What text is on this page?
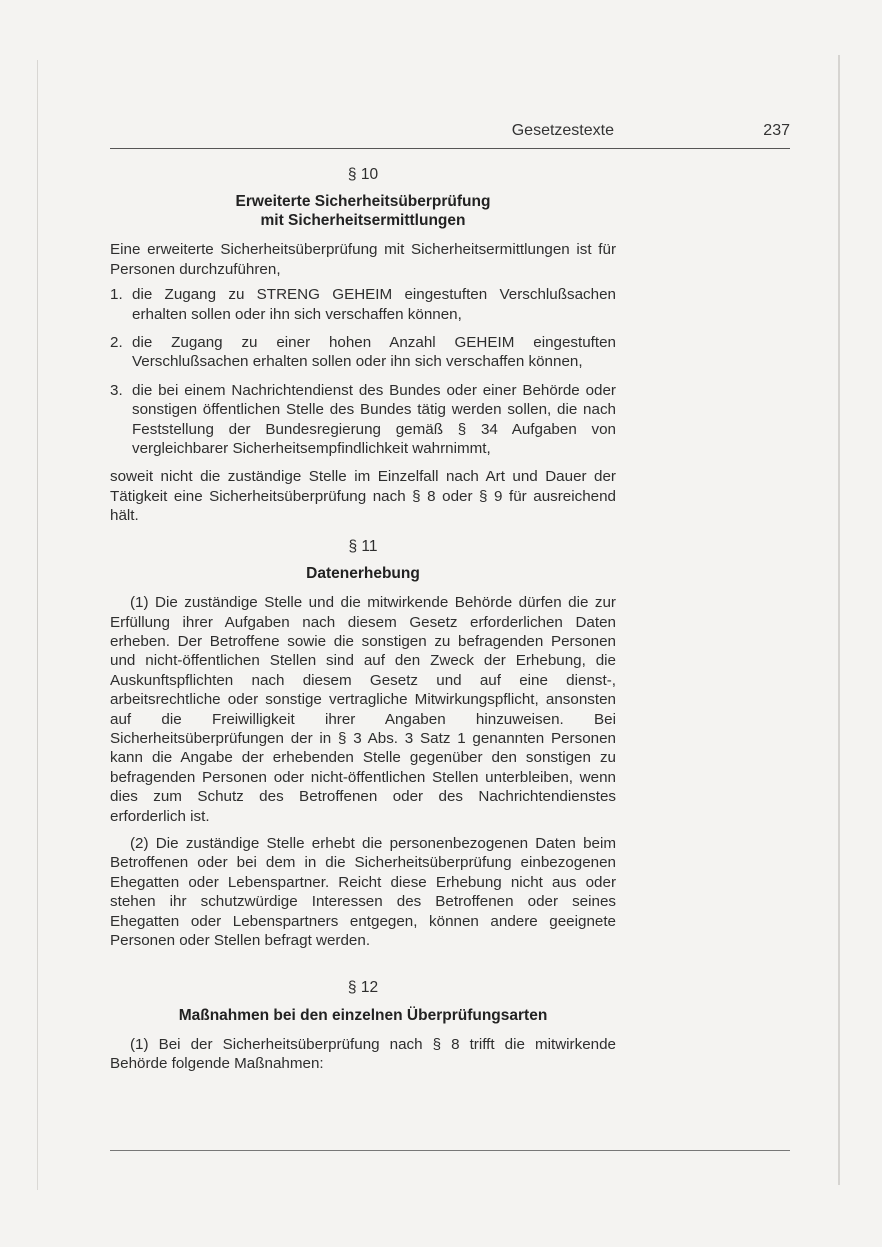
Gesetzestexte	237
§ 10
Erweiterte Sicherheitsüberprüfung
mit Sicherheitsermittlungen

Eine erweiterte Sicherheitsüberprüfung mit Sicherheitsermittlungen ist für Personen durchzuführen,

1. die Zugang zu STRENG GEHEIM eingestuften Verschlußsachen erhalten sollen oder ihn sich verschaffen können,
2. die Zugang zu einer hohen Anzahl GEHEIM eingestuften Verschlußsachen erhalten sollen oder ihn sich verschaffen können,
3. die bei einem Nachrichtendienst des Bundes oder einer Behörde oder sonstigen öffentlichen Stelle des Bundes tätig werden sollen, die nach Feststellung der Bundesregierung gemäß § 34 Aufgaben von vergleichbarer Sicherheitsempfindlichkeit wahrnimmt,

soweit nicht die zuständige Stelle im Einzelfall nach Art und Dauer der Tätigkeit eine Sicherheitsüberprüfung nach § 8 oder § 9 für ausreichend hält.

§ 11
Datenerhebung

(1) Die zuständige Stelle und die mitwirkende Behörde dürfen die zur Erfüllung ihrer Aufgaben nach diesem Gesetz erforderlichen Daten erheben. Der Betroffene sowie die sonstigen zu befragenden Personen und nicht-öffentlichen Stellen sind auf den Zweck der Erhebung, die Auskunftspflichten nach diesem Gesetz und auf eine dienst-, arbeitsrechtliche oder sonstige vertragliche Mitwirkungspflicht, ansonsten auf die Freiwilligkeit ihrer Angaben hinzuweisen. Bei Sicherheitsüberprüfungen der in § 3 Abs. 3 Satz 1 genannten Personen kann die Angabe der erhebenden Stelle gegenüber den sonstigen zu befragenden Personen oder nicht-öffentlichen Stellen unterbleiben, wenn dies zum Schutz des Betroffenen oder des Nachrichtendienstes erforderlich ist.

(2) Die zuständige Stelle erhebt die personenbezogenen Daten beim Betroffenen oder bei dem in die Sicherheitsüberprüfung einbezogenen Ehegatten oder Lebenspartner. Reicht diese Erhebung nicht aus oder stehen ihr schutzwürdige Interessen des Betroffenen oder seines Ehegatten oder Lebenspartners entgegen, können andere geeignete Personen oder Stellen befragt werden.

§ 12
Maßnahmen bei den einzelnen Überprüfungsarten

(1) Bei der Sicherheitsüberprüfung nach § 8 trifft die mitwirkende Behörde folgende Maßnahmen:
